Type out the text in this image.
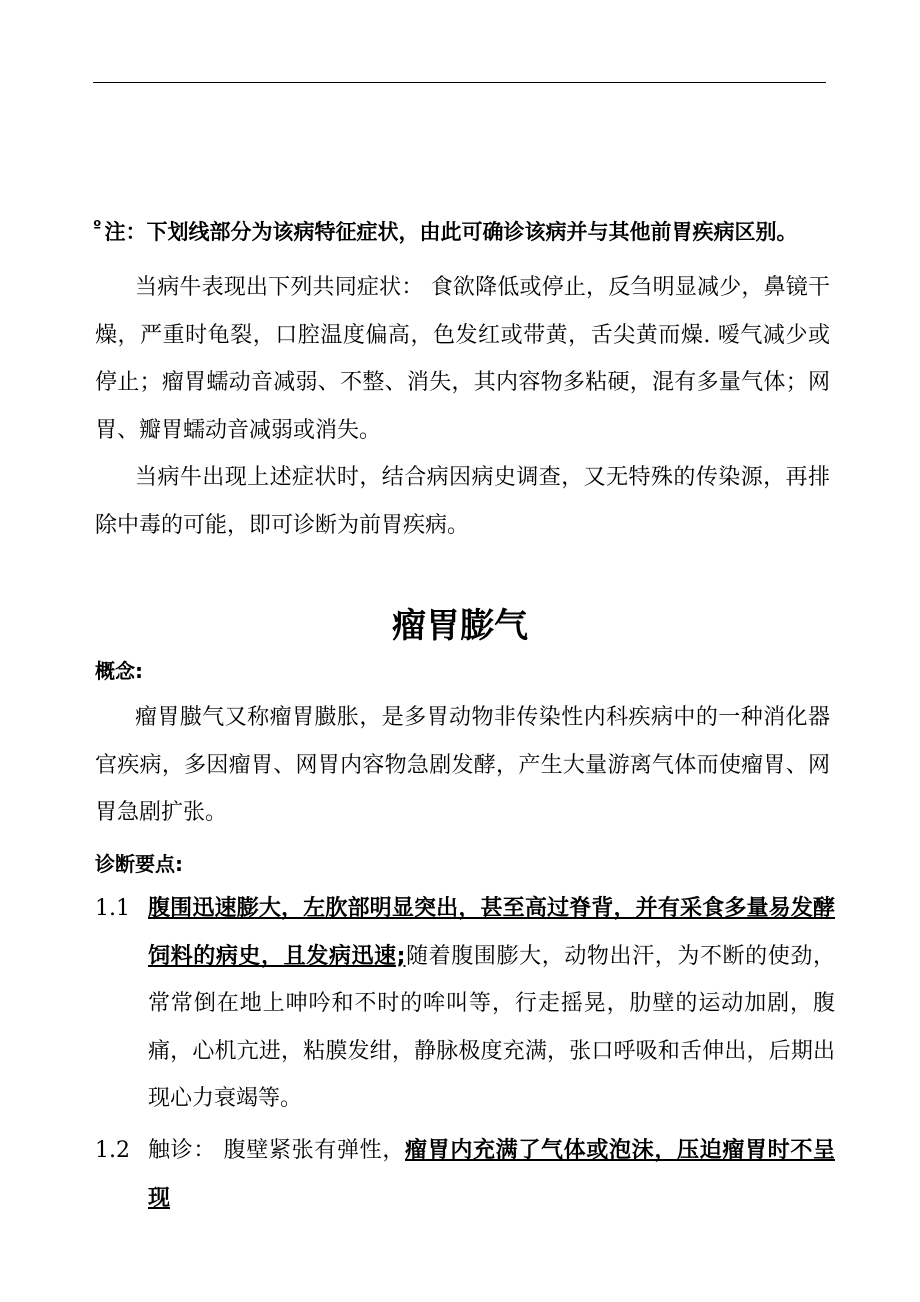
$^º$ 注：下划线部分为该病特征症状，由此可确诊该病并与其他前胃疾病区别。

当病牛表现出下列共同症状： 食欲降低或停止，反刍明显减少，鼻镜干燥，严重时龟裂，口腔温度偏高，色发红或带黄，舌尖黄而燥. 嗳气减少或停止；瘤胃蠕动音减弱、不整、消失，其内容物多粘硬，混有多量气体；网胃、瓣胃蠕动音减弱或消失。

当病牛出现上述症状时，结合病因病史调查，又无特殊的传染源，再排除中毒的可能，即可诊断为前胃疾病。

瘤胃膨气

概念:

瘤胃臌气又称瘤胃臌胀，是多胃动物非传染性内科疾病中的一种消化器官疾病，多因瘤胃、网胃内容物急剧发酵，产生大量游离气体而使瘤胃、网胃急剧扩张。

诊断要点:

1.1 腹围迅速膨大，左肷部明显突出，甚至高过脊背，并有采食多量易发酵饲料的病史，且发病迅速;随着腹围膨大，动物出汗，为不断的使劲，常常倒在地上呻吟和不时的哞叫等，行走摇晃，肋壁的运动加剧，腹痛，心机亢进，粘膜发绀，静脉极度充满，张口呼吸和舌伸出，后期出现心力衰竭等。
1.2 触诊： 腹壁紧张有弹性，瘤胃内充满了气体或泡沫，压迫瘤胃时不呈现
